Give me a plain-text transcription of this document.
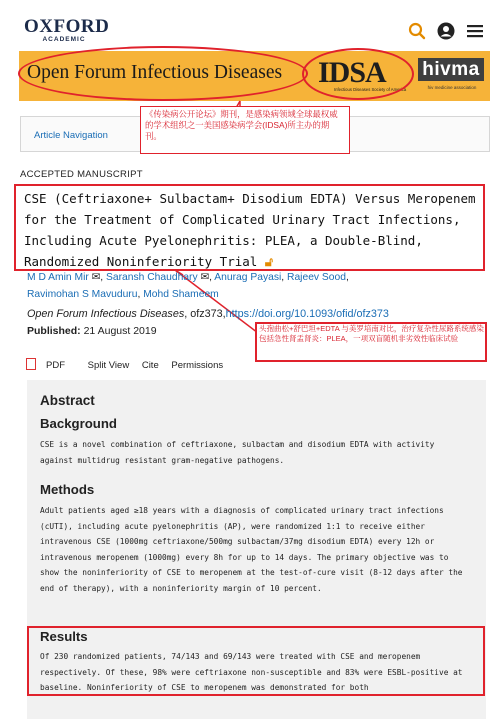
OXFORD
ACADEMIC
Open Forum Infectious Diseases IDSA
Infectious Diseases Society of America
hivma
hiv medicine association
Article Navigation
《传染病公开论坛》期刊，是感染病领域全球最权威的学术组织之一美国感染病学会(IDSA)所主办的期刊。
ACCEPTED MANUSCRIPT
CSE (Ceftriaxone+ Sulbactam+ Disodium EDTA) Versus Meropenem for the Treatment of Complicated Urinary Tract Infections, Including Acute Pyelonephritis: PLEA, a Double-Blind, Randomized Noninferiority Trial 🔓︎
M D Amin Mir ✉, Saransh Chaudhary ✉, Anurag Payasi, Rajeev Sood,
Ravimohan S Mavuduru, Mohd Shameem
Open Forum Infectious Diseases, ofz373,https://doi.org/10.1093/ofid/ofz373
Published: 21 August 2019	头孢曲松+舒巴坦+EDTA 与美罗培南对比，治疗复杂性尿路系统感染包括急性肾盂肾炎：PLEA，一项双盲随机非劣效性临床试验
PDF Split View Cite Permissions
Abstract
Background
CSE is a novel combination of ceftriaxone, sulbactam and disodium EDTA with activity against multidrug resistant gram-negative pathogens.
Methods
Adult patients aged ≥18 years with a diagnosis of complicated urinary tract infections (cUTI), including acute pyelonephritis (AP), were randomized 1:1 to receive either intravenous CSE (1000mg ceftriaxone/500mg sulbactam/37mg disodium EDTA) every 12h or intravenous meropenem (1000mg) every 8h for up to 14 days. The primary objective was to show the noninferiority of CSE to meropenem at the test-of-cure visit (8-12 days after the end of therapy), with a noninferiority margin of 10 percent.
Results
Of 230 randomized patients, 74/143 and 69/143 were treated with CSE and meropenem respectively. Of these, 98% were ceftriaxone non-susceptible and 83% were ESBL-positive at baseline. Noninferiority of CSE to meropenem was demonstrated for both
